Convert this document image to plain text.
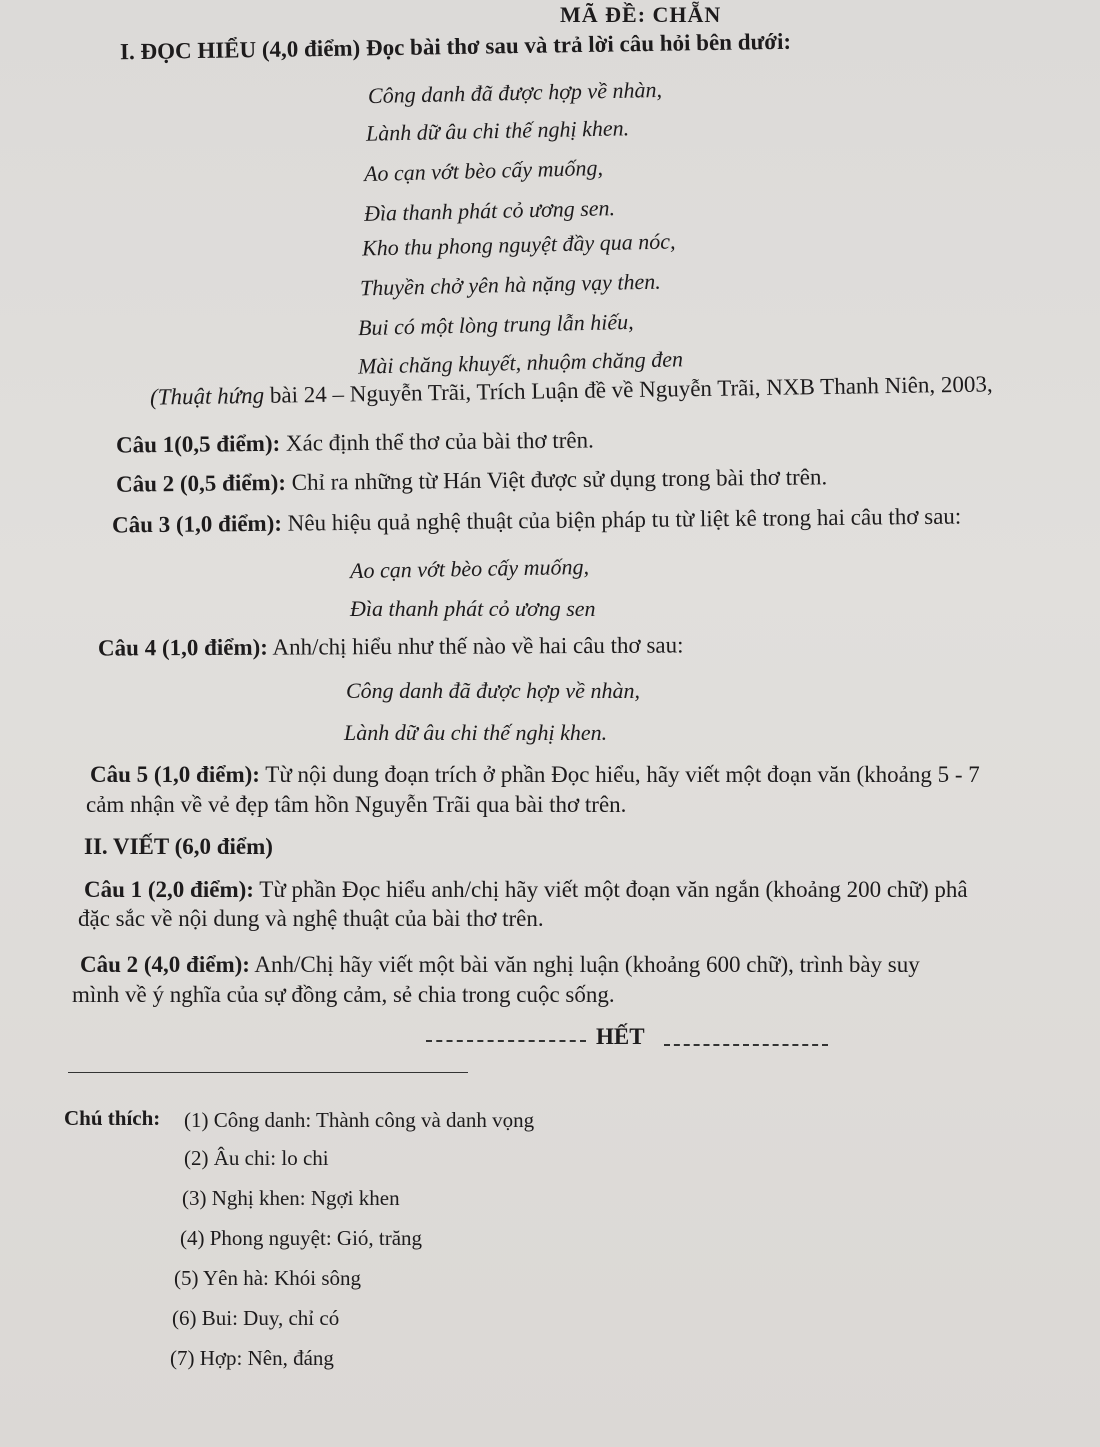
MÃ ĐỀ: CHẴN
I. ĐỌC HIỂU (4,0 điểm) Đọc bài thơ sau và trả lời câu hỏi bên dưới:
Công danh đã được hợp về nhàn,
Lành dữ âu chi thế nghị khen.
Ao cạn vớt bèo cấy muống,
Đìa thanh phát cỏ ương sen.
Kho thu phong nguyệt đầy qua nóc,
Thuyền chở yên hà nặng vạy then.
Bui có một lòng trung lẫn hiếu,
Mài chăng khuyết, nhuộm chăng đen
(Thuật hứng bài 24 – Nguyễn Trãi, Trích Luận đề về Nguyễn Trãi, NXB Thanh Niên, 2003,
Câu 1(0,5 điểm): Xác định thể thơ của bài thơ trên.
Câu 2 (0,5 điểm): Chỉ ra những từ Hán Việt được sử dụng trong bài thơ trên.
Câu 3 (1,0 điểm): Nêu hiệu quả nghệ thuật của biện pháp tu từ liệt kê trong hai câu thơ sau:
Ao cạn vớt bèo cấy muống,
Đìa thanh phát cỏ ương sen
Câu 4 (1,0 điểm): Anh/chị hiểu như thế nào về hai câu thơ sau:
Công danh đã được hợp về nhàn,
Lành dữ âu chi thế nghị khen.
Câu 5 (1,0 điểm): Từ nội dung đoạn trích ở phần Đọc hiểu, hãy viết một đoạn văn (khoảng 5 - 7
cảm nhận về vẻ đẹp tâm hồn Nguyễn Trãi qua bài thơ trên.
II. VIẾT (6,0 điểm)
Câu 1 (2,0 điểm): Từ phần Đọc hiểu anh/chị hãy viết một đoạn văn ngắn (khoảng 200 chữ) phâ
đặc sắc về nội dung và nghệ thuật của bài thơ trên.
Câu 2 (4,0 điểm): Anh/Chị hãy viết một bài văn nghị luận (khoảng 600 chữ), trình bày suy
mình về ý nghĩa của sự đồng cảm, sẻ chia trong cuộc sống.
HẾT
Chú thích: (1) Công danh: Thành công và danh vọng
(2) Âu chi: lo chi
(3) Nghị khen: Ngợi khen
(4) Phong nguyệt: Gió, trăng
(5) Yên hà: Khói sông
(6) Bui: Duy, chỉ có
(7) Hợp: Nên, đáng
